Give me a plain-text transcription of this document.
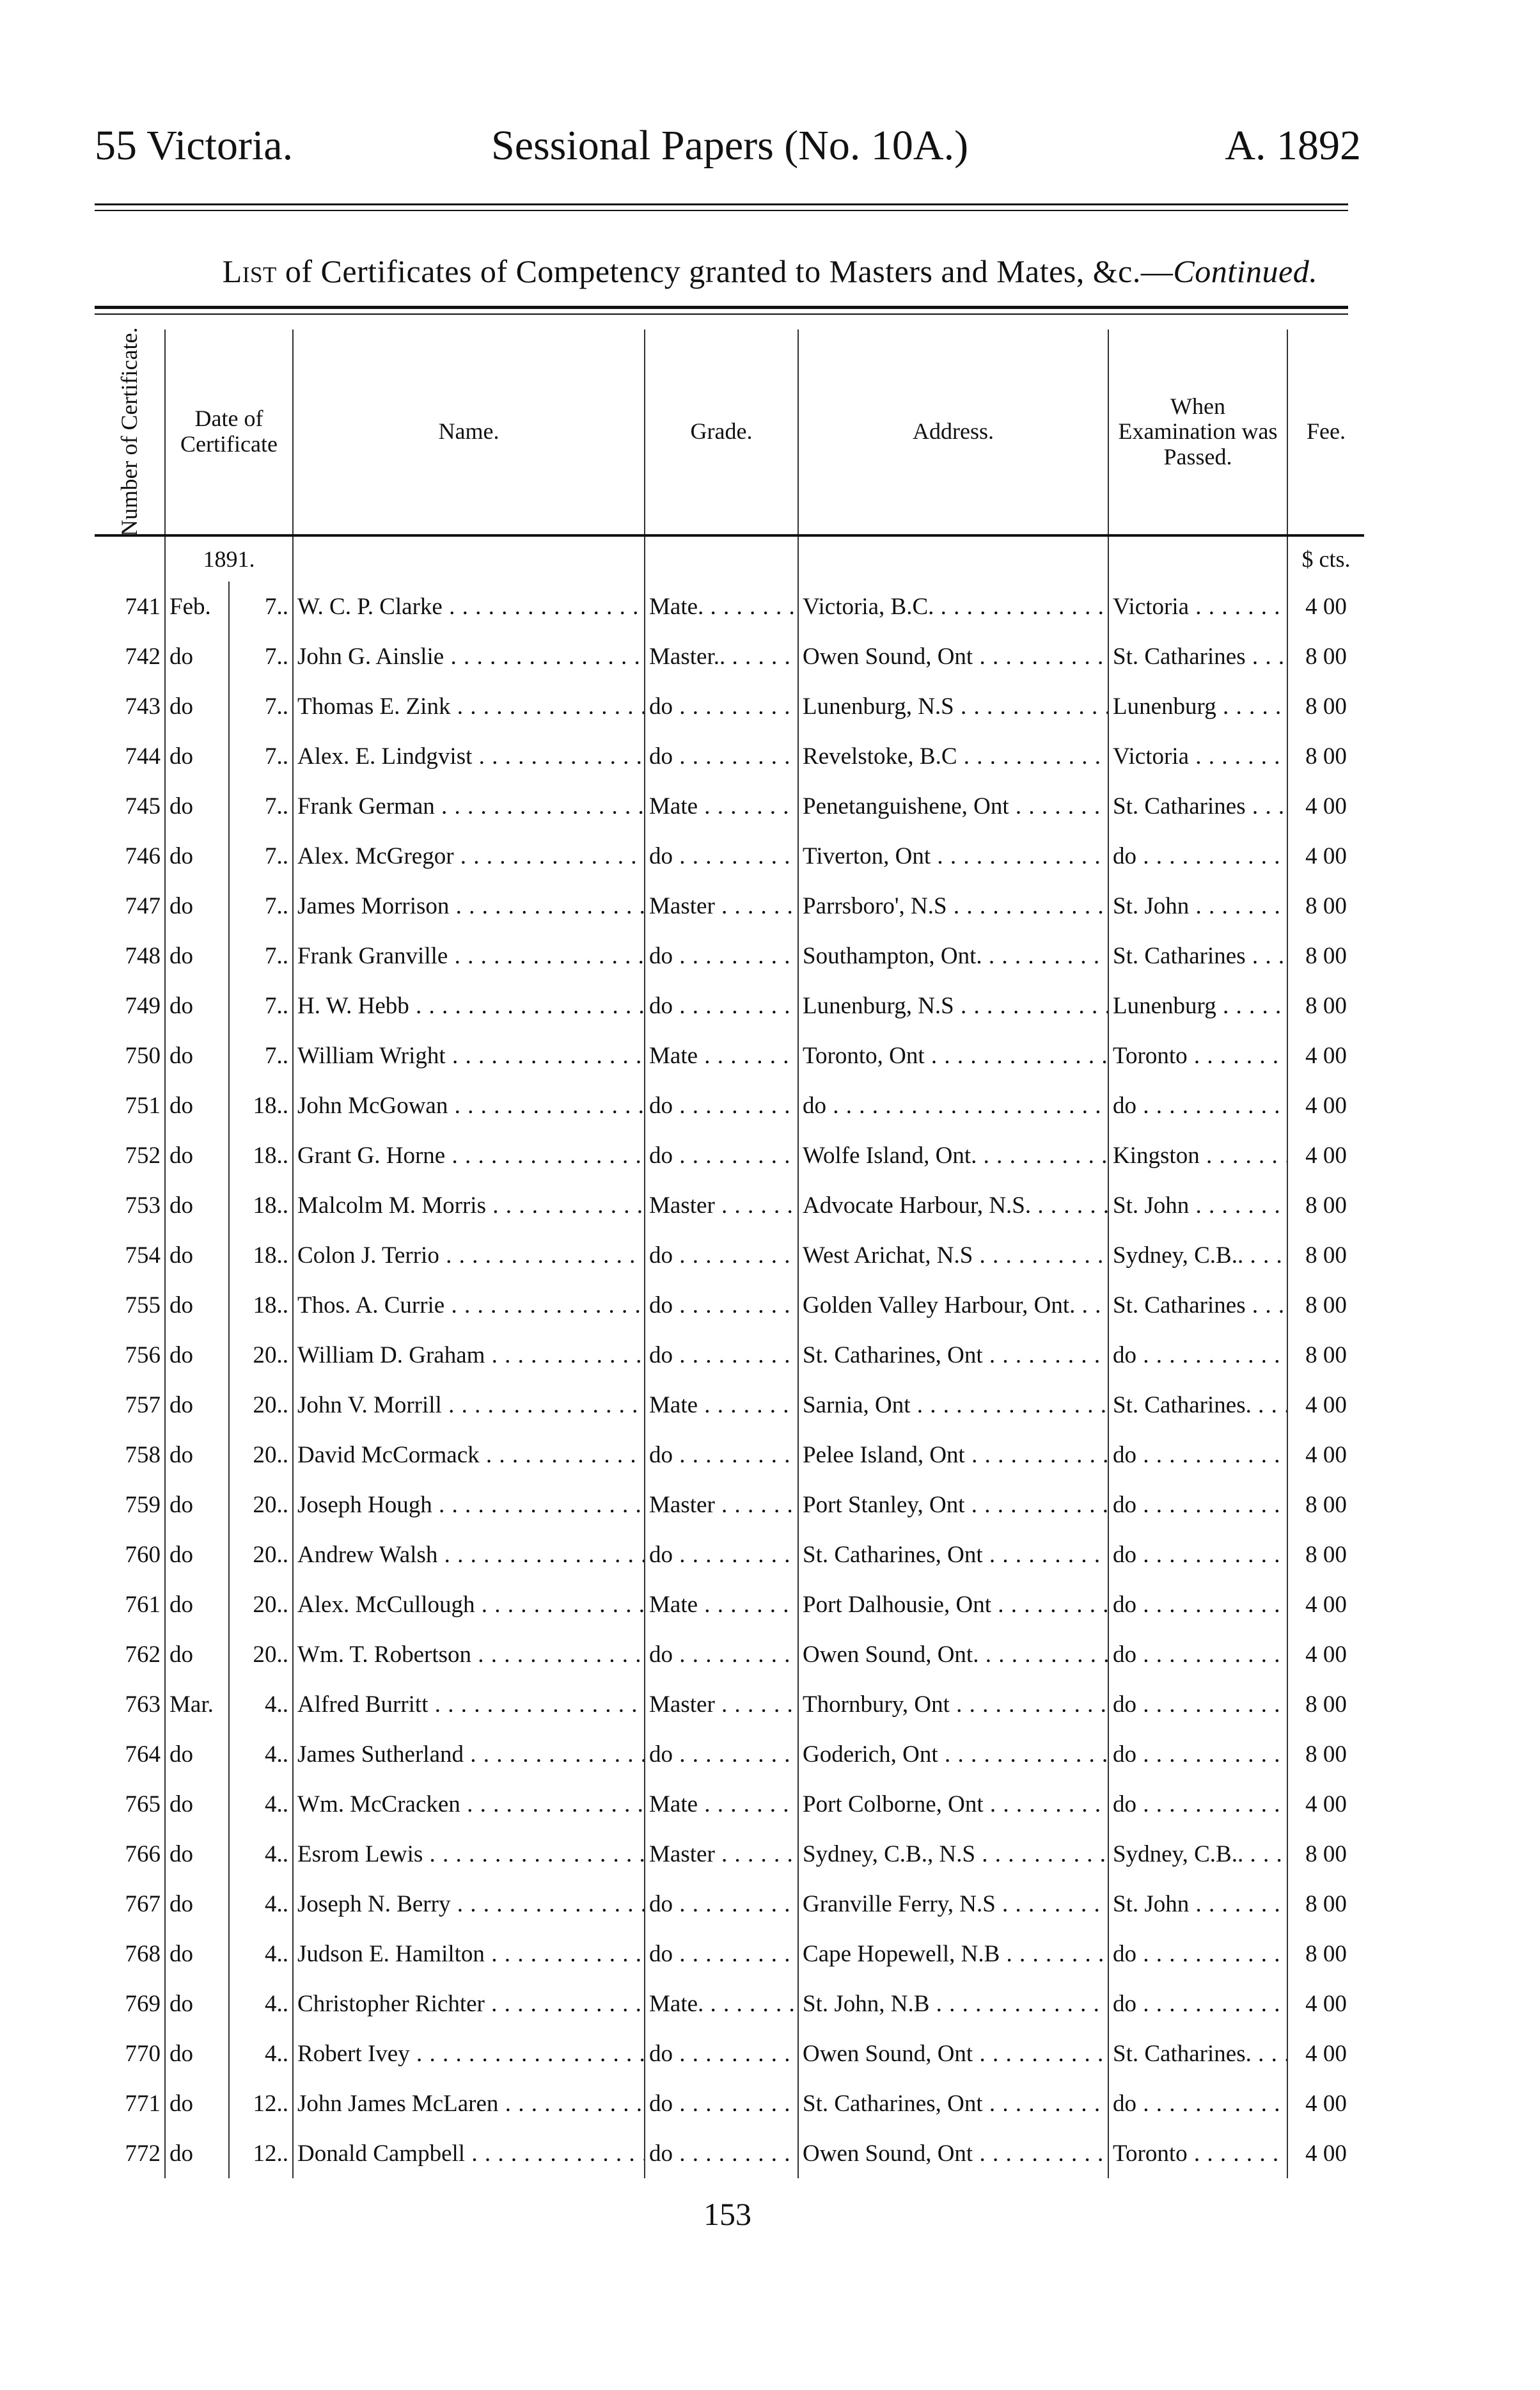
55 Victoria.	Sessional Papers (No. 10A.)	A. 1892
List of Certificates of Competency granted to Masters and Mates, &c.—Continued.
Number of Certificate.	Date of Certificate		Name.	Grade.	Address.	When Examination was Passed.	Fee.
	1891.						$ cts.
741	Feb.	7..	W. C. P. Clarke . . .	Mate. . . .	Victoria, B.C. . . .	Victoria . . .	4 00
742	do	7..	John G. Ainslie . . .	Master.. . . .	Owen Sound, Ont . . .	St. Catharines . . .	8 00
743	do	7..	Thomas E. Zink . . .	do . . .	Lunenburg, N.S . . .	Lunenburg . . .	8 00
744	do	7..	Alex. E. Lindgvist . . .	do . . .	Revelstoke, B.C . . .	Victoria . . .	8 00
745	do	7..	Frank German . . .	Mate . . .	Penetanguishene, Ont . . .	St. Catharines . . .	4 00
746	do	7..	Alex. McGregor . . .	do . . .	Tiverton, Ont . . .	do . . .	4 00
747	do	7..	James Morrison . . .	Master . . .	Parrsboro', N.S . . .	St. John . . .	8 00
748	do	7..	Frank Granville . . .	do . . .	Southampton, Ont. . . .	St. Catharines . . .	8 00
749	do	7..	H. W. Hebb . . .	do . . .	Lunenburg, N.S . . .	Lunenburg . . .	8 00
750	do	7..	William Wright . . .	Mate . . .	Toronto, Ont . . .	Toronto . . .	4 00
751	do	18..	John McGowan . . .	do . . .	do . . .	do . . .	4 00
752	do	18..	Grant G. Horne . . .	do . . .	Wolfe Island, Ont. . . .	Kingston . . .	4 00
753	do	18..	Malcolm M. Morris . . .	Master . . .	Advocate Harbour, N.S. . . .	St. John . . .	8 00
754	do	18..	Colon J. Terrio . . .	do . . .	West Arichat, N.S . . .	Sydney, C.B.. . . .	8 00
755	do	18..	Thos. A. Currie . . .	do . . .	Golden Valley Harbour, Ont. . . .	St. Catharines . . .	8 00
756	do	20..	William D. Graham . . .	do . . .	St. Catharines, Ont . . .	do . . .	8 00
757	do	20..	John V. Morrill . . .	Mate . . .	Sarnia, Ont . . .	St. Catharines. . . .	4 00
758	do	20..	David McCormack . . .	do . . .	Pelee Island, Ont . . .	do . . .	4 00
759	do	20..	Joseph Hough . . .	Master . . .	Port Stanley, Ont . . .	do . . .	8 00
760	do	20..	Andrew Walsh . . .	do . . .	St. Catharines, Ont . . .	do . . .	8 00
761	do	20..	Alex. McCullough . . .	Mate . . .	Port Dalhousie, Ont . . .	do . . .	4 00
762	do	20..	Wm. T. Robertson . . .	do . . .	Owen Sound, Ont. . . .	do . . .	4 00
763	Mar.	4..	Alfred Burritt . . .	Master . . .	Thornbury, Ont . . .	do . . .	8 00
764	do	4..	James Sutherland . . .	do . . .	Goderich, Ont . . .	do . . .	8 00
765	do	4..	Wm. McCracken . . .	Mate . . .	Port Colborne, Ont . . .	do . . .	4 00
766	do	4..	Esrom Lewis . . .	Master . . .	Sydney, C.B., N.S . . .	Sydney, C.B.. . . .	8 00
767	do	4..	Joseph N. Berry . . .	do . . .	Granville Ferry, N.S . . .	St. John . . .	8 00
768	do	4..	Judson E. Hamilton . . .	do . . .	Cape Hopewell, N.B . . .	do . . .	8 00
769	do	4..	Christopher Richter . . .	Mate. . . .	St. John, N.B . . .	do . . .	4 00
770	do	4..	Robert Ivey . . .	do . . .	Owen Sound, Ont . . .	St. Catharines. . . .	4 00
771	do	12..	John James McLaren . . .	do . . .	St. Catharines, Ont . . .	do . . .	4 00
772	do	12..	Donald Campbell . . .	do . . .	Owen Sound, Ont . . .	Toronto . . .	4 00
153
